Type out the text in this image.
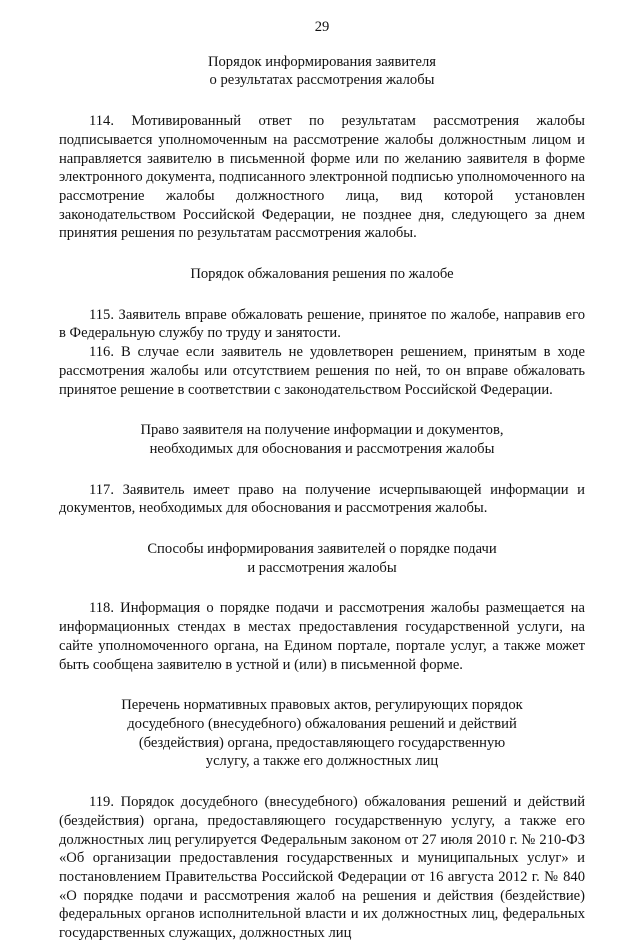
29
Порядок информирования заявителя
о результатах рассмотрения жалобы

114. Мотивированный ответ по результатам рассмотрения жалобы подписывается уполномоченным на рассмотрение жалобы должностным лицом и направляется заявителю в письменной форме или по желанию заявителя в форме электронного документа, подписанного электронной подписью уполномоченного на рассмотрение жалобы должностного лица, вид которой установлен законодательством Российской Федерации, не позднее дня, следующего за днем принятия решения по результатам рассмотрения жалобы.

Порядок обжалования решения по жалобе

115. Заявитель вправе обжаловать решение, принятое по жалобе, направив его в Федеральную службу по труду и занятости.

116. В случае если заявитель не удовлетворен решением, принятым в ходе рассмотрения жалобы или отсутствием решения по ней, то он вправе обжаловать принятое решение в соответствии с законодательством Российской Федерации.

Право заявителя на получение информации и документов,
необходимых для обоснования и рассмотрения жалобы

117. Заявитель имеет право на получение исчерпывающей информации и документов, необходимых для обоснования и рассмотрения жалобы.

Способы информирования заявителей о порядке подачи
и рассмотрения жалобы

118. Информация о порядке подачи и рассмотрения жалобы размещается на информационных стендах в местах предоставления государственной услуги, на сайте уполномоченного органа, на Едином портале, портале услуг, а также может быть сообщена заявителю в устной и (или) в письменной форме.

Перечень нормативных правовых актов, регулирующих порядок
досудебного (внесудебного) обжалования решений и действий
(бездействия) органа, предоставляющего государственную
услугу, а также его должностных лиц

119. Порядок досудебного (внесудебного) обжалования решений и действий (бездействия) органа, предоставляющего государственную услугу, а также его должностных лиц регулируется Федеральным законом от 27 июля 2010 г. № 210-ФЗ «Об организации предоставления государственных и муниципальных услуг» и постановлением Правительства Российской Федерации от 16 августа 2012 г. № 840 «О порядке подачи и рассмотрения жалоб на решения и действия (бездействие) федеральных органов исполнительной власти и их должностных лиц, федеральных государственных служащих, должностных лиц
